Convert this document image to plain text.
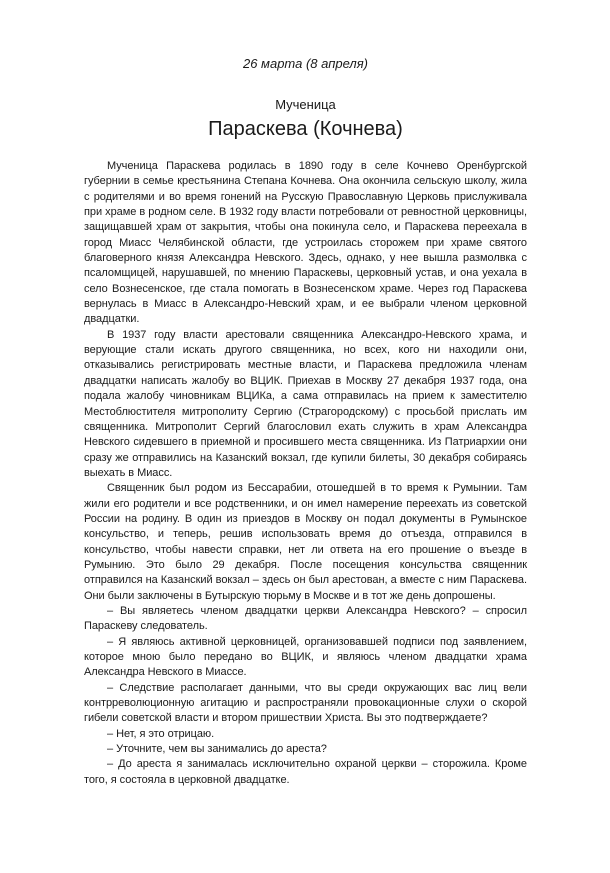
26 марта (8 апреля)

Мученица

Параскева (Кочнева)

Мученица Параскева родилась в 1890 году в селе Кочнево Оренбургской губернии в семье крестьянина Степана Кочнева. Она окончила сельскую школу, жила с родителями и во время гонений на Русскую Православную Церковь прислуживала при храме в родном селе. В 1932 году власти потребовали от ревностной церковницы, защищавшей храм от закрытия, чтобы она покинула село, и Параскева переехала в город Миасс Челябинской области, где устроилась сторожем при храме святого благоверного князя Александра Невского. Здесь, однако, у нее вышла размолвка с псаломщицей, нарушавшей, по мнению Параскевы, церковный устав, и она уехала в село Вознесенское, где стала помогать в Вознесенском храме. Через год Параскева вернулась в Миасс в Александро-Невский храм, и ее выбрали членом церковной двадцатки.

В 1937 году власти арестовали священника Александро-Невского храма, и верующие стали искать другого священника, но всех, кого ни находили они, отказывались регистрировать местные власти, и Параскева предложила членам двадцатки написать жалобу во ВЦИК. Приехав в Москву 27 декабря 1937 года, она подала жалобу чиновникам ВЦИКа, а сама отправилась на прием к заместителю Местоблюстителя митрополиту Сергию (Страгородскому) с просьбой прислать им священника. Митрополит Сергий благословил ехать служить в храм Александра Невского сидевшего в приемной и просившего места священника. Из Патриархии они сразу же отправились на Казанский вокзал, где купили билеты, 30 декабря собираясь выехать в Миасс.

Священник был родом из Бессарабии, отошедшей в то время к Румынии. Там жили его родители и все родственники, и он имел намерение переехать из советской России на родину. В один из приездов в Москву он подал документы в Румынское консульство, и теперь, решив использовать время до отъезда, отправился в консульство, чтобы навести справки, нет ли ответа на его прошение о въезде в Румынию. Это было 29 декабря. После посещения консульства священник отправился на Казанский вокзал – здесь он был арестован, а вместе с ним Параскева. Они были заключены в Бутырскую тюрьму в Москве и в тот же день допрошены.

– Вы являетесь членом двадцатки церкви Александра Невского? – спросил Параскеву следователь.

– Я являюсь активной церковницей, организовавшей подписи под заявлением, которое мною было передано во ВЦИК, и являюсь членом двадцатки храма Александра Невского в Миассе.

– Следствие располагает данными, что вы среди окружающих вас лиц вели контрреволюционную агитацию и распространяли провокационные слухи о скорой гибели советской власти и втором пришествии Христа. Вы это подтверждаете?

– Нет, я это отрицаю.

– Уточните, чем вы занимались до ареста?

– До ареста я занималась исключительно охраной церкви – сторожила. Кроме того, я состояла в церковной двадцатке.
